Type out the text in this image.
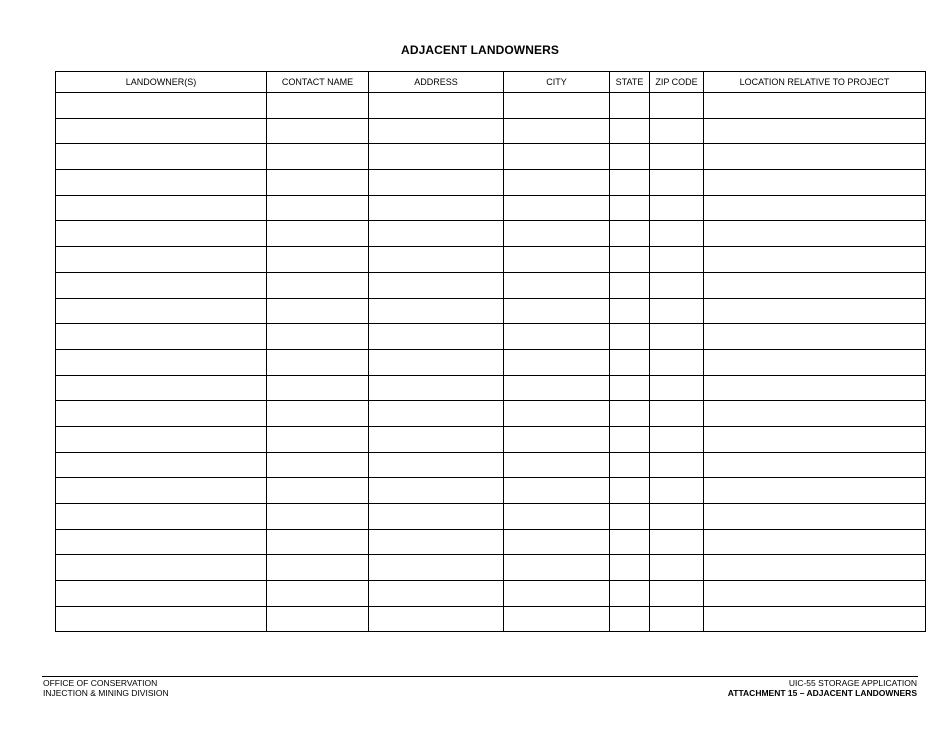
ADJACENT LANDOWNERS
LANDOWNER(S)	CONTACT NAME	ADDRESS	CITY	STATE	ZIP CODE	LOCATION RELATIVE TO PROJECT

OFFICE OF CONSERVATION
INJECTION & MINING DIVISION
UIC-55 STORAGE APPLICATION
ATTACHMENT 15 – ADJACENT LANDOWNERS
